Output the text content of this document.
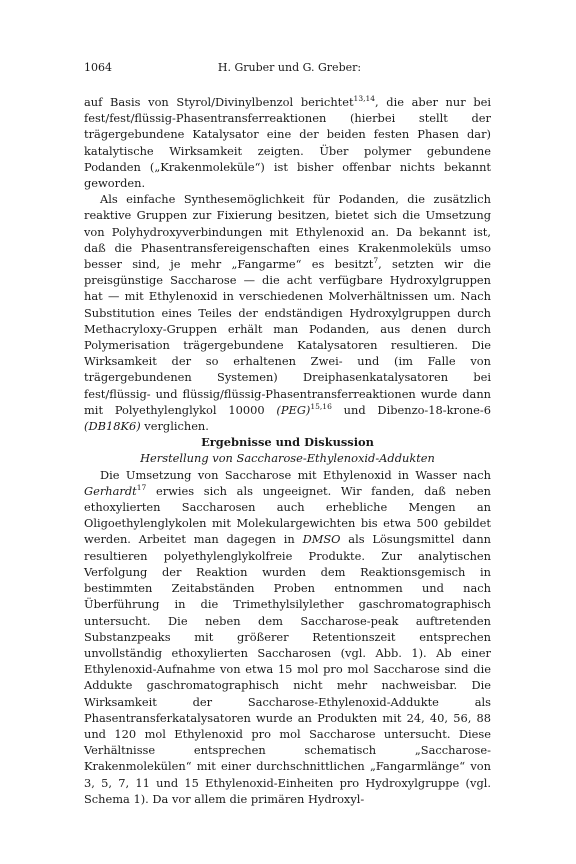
1064	H. Gruber und G. Greber:

auf Basis von Styrol/Divinylbenzol berichtet$^{13,14}$, die aber nur bei fest/fest/flüssig-Phasentransferreaktionen (hierbei stellt der trägergebundene Katalysator eine der beiden festen Phasen dar) katalytische Wirksamkeit zeigten. Über polymer gebundene Podanden („Krakenmoleküle“) ist bisher offenbar nichts bekannt geworden.

Als einfache Synthesemöglichkeit für Podanden, die zusätzlich reaktive Gruppen zur Fixierung besitzen, bietet sich die Umsetzung von Polyhydroxyverbindungen mit Ethylenoxid an. Da bekannt ist, daß die Phasentransfereigenschaften eines Krakenmoleküls umso besser sind, je mehr „Fangarme“ es besitzt$^7$, setzten wir die preisgünstige Saccharose — die acht verfügbare Hydroxylgruppen hat — mit Ethylenoxid in verschiedenen Molverhältnissen um. Nach Substitution eines Teiles der endständigen Hydroxylgruppen durch Methacryloxy-Gruppen erhält man Podanden, aus denen durch Polymerisation trägergebundene Katalysatoren resultieren. Die Wirksamkeit der so erhaltenen Zwei- und (im Falle von trägergebundenen Systemen) Dreiphasenkatalysatoren bei fest/flüssig- und flüssig/flüssig-Phasentransferreaktionen wurde dann mit Polyethylenglykol 10000 (PEG)$^{15,16}$ und Dibenzo-18-krone-6 (DB18K6) verglichen.

Ergebnisse und Diskussion

Herstellung von Saccharose-Ethylenoxid-Addukten

Die Umsetzung von Saccharose mit Ethylenoxid in Wasser nach Gerhardt$^{17}$ erwies sich als ungeeignet. Wir fanden, daß neben ethoxylierten Saccharosen auch erhebliche Mengen an Oligoethylenglykolen mit Molekulargewichten bis etwa 500 gebildet werden. Arbeitet man dagegen in DMSO als Lösungsmittel dann resultieren polyethylenglykolfreie Produkte. Zur analytischen Verfolgung der Reaktion wurden dem Reaktionsgemisch in bestimmten Zeitabständen Proben entnommen und nach Überführung in die Trimethylsilylether gaschromatographisch untersucht. Die neben dem Saccharose-peak auftretenden Substanzpeaks mit größerer Retentionszeit entsprechen unvollständig ethoxylierten Saccharosen (vgl. Abb. 1). Ab einer Ethylenoxid-Aufnahme von etwa 15 mol pro mol Saccharose sind die Addukte gaschromatographisch nicht mehr nachweisbar. Die Wirksamkeit der Saccharose-Ethylenoxid-Addukte als Phasentransferkatalysatoren wurde an Produkten mit 24, 40, 56, 88 und 120 mol Ethylenoxid pro mol Saccharose untersucht. Diese Verhältnisse entsprechen schematisch „Saccharose-Krakenmolekülen“ mit einer durchschnittlichen „Fangarmlänge“ von 3, 5, 7, 11 und 15 Ethylenoxid-Einheiten pro Hydroxylgruppe (vgl. Schema 1). Da vor allem die primären Hydroxyl-
